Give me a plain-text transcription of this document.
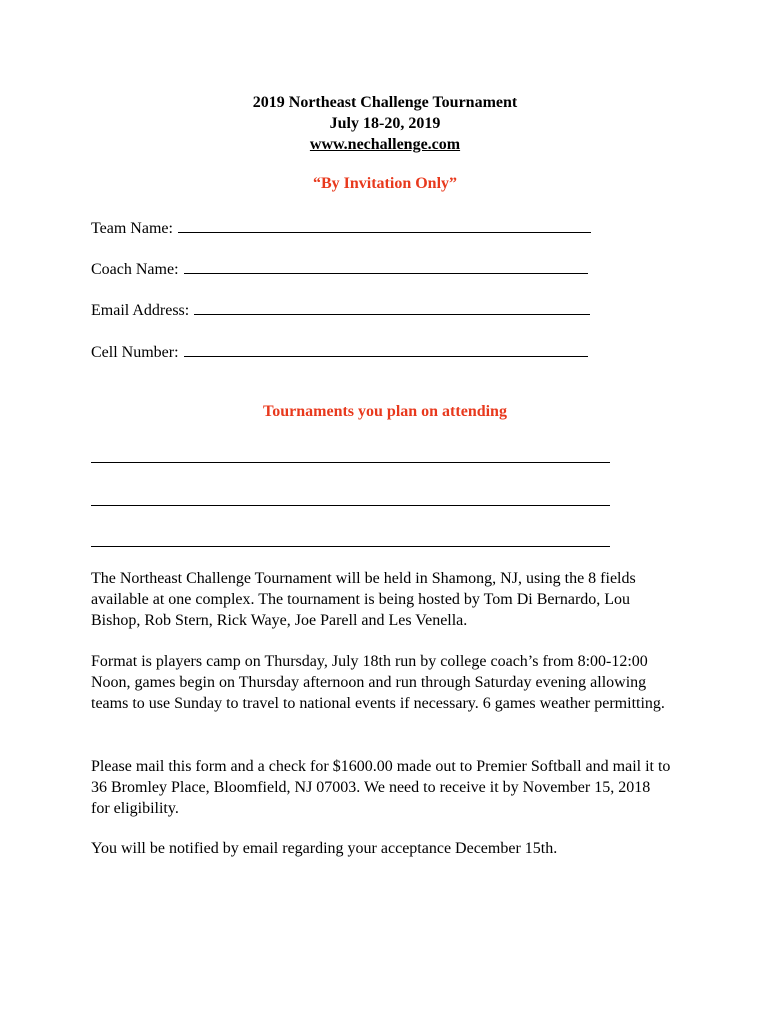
2019 Northeast Challenge Tournament
July 18-20, 2019
www.nechallenge.com
“By Invitation Only”
Team Name:
Coach Name:
Email Address:
Cell Number:
Tournaments you plan on attending
The Northeast Challenge Tournament will be held in Shamong, NJ, using the 8 fields available at one complex. The tournament is being hosted by Tom Di Bernardo, Lou Bishop, Rob Stern, Rick Waye, Joe Parell and Les Venella.
Format is players camp on Thursday, July 18th run by college coach’s from 8:00-12:00 Noon, games begin on Thursday afternoon and run through Saturday evening allowing teams to use Sunday to travel to national events if necessary. 6 games weather permitting.
Please mail this form and a check for $1600.00 made out to Premier Softball and mail it to 36 Bromley Place, Bloomfield, NJ 07003. We need to receive it by November 15, 2018 for eligibility.
You will be notified by email regarding your acceptance December 15th.
